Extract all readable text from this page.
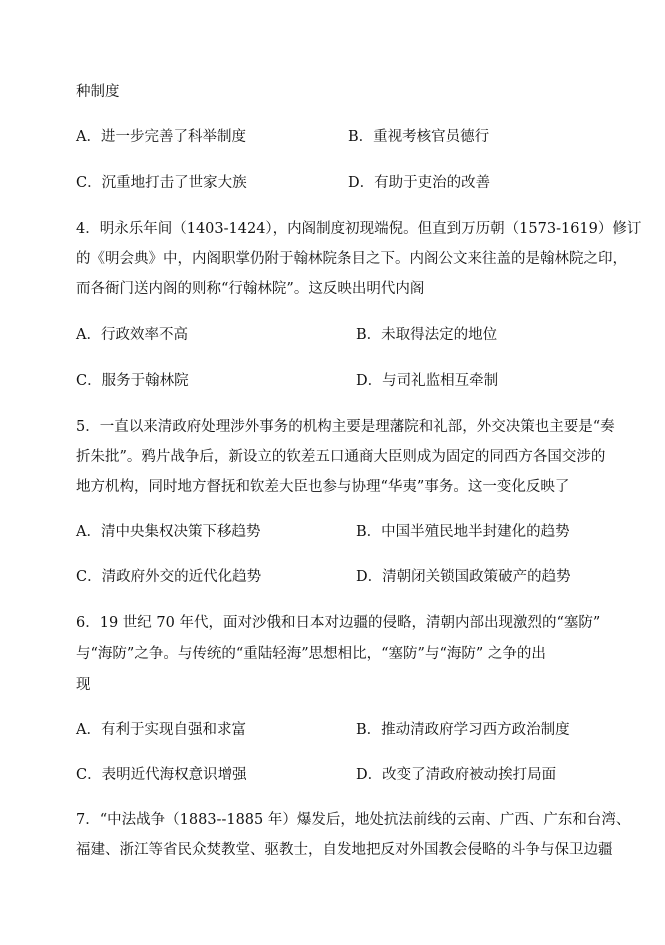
种制度
A．进一步完善了科举制度	B．重视考核官员德行
C．沉重地打击了世家大族	D．有助于吏治的改善
4．明永乐年间（1403-1424），内阁制度初现端倪。但直到万历朝（1573-1619）修订
的《明会典》中，内阁职掌仍附于翰林院条目之下。内阁公文来往盖的是翰林院之印，
而各衙门送内阁的则称“行翰林院”。这反映出明代内阁
A．行政效率不高	B．未取得法定的地位
C．服务于翰林院	D．与司礼监相互牵制
5．一直以来清政府处理涉外事务的机构主要是理藩院和礼部，外交决策也主要是“奏
折朱批”。鸦片战争后，新设立的钦差五口通商大臣则成为固定的同西方各国交涉的
地方机构，同时地方督抚和钦差大臣也参与协理“华夷”事务。这一变化反映了
A．清中央集权决策下移趋势	B．中国半殖民地半封建化的趋势
C．清政府外交的近代化趋势	D．清朝闭关锁国政策破产的趋势
6．19 世纪 70 年代，面对沙俄和日本对边疆的侵略，清朝内部出现激烈的“塞防”
与“海防”之争。与传统的“重陆轻海”思想相比，“塞防”与“海防” 之争的出
现
A．有利于实现自强和求富	B．推动清政府学习西方政治制度
C．表明近代海权意识增强	D．改变了清政府被动挨打局面
7．“中法战争（1883--1885 年）爆发后，地处抗法前线的云南、广西、广东和台湾、
福建、浙江等省民众焚教堂、驱教士，自发地把反对外国教会侵略的斗争与保卫边疆
